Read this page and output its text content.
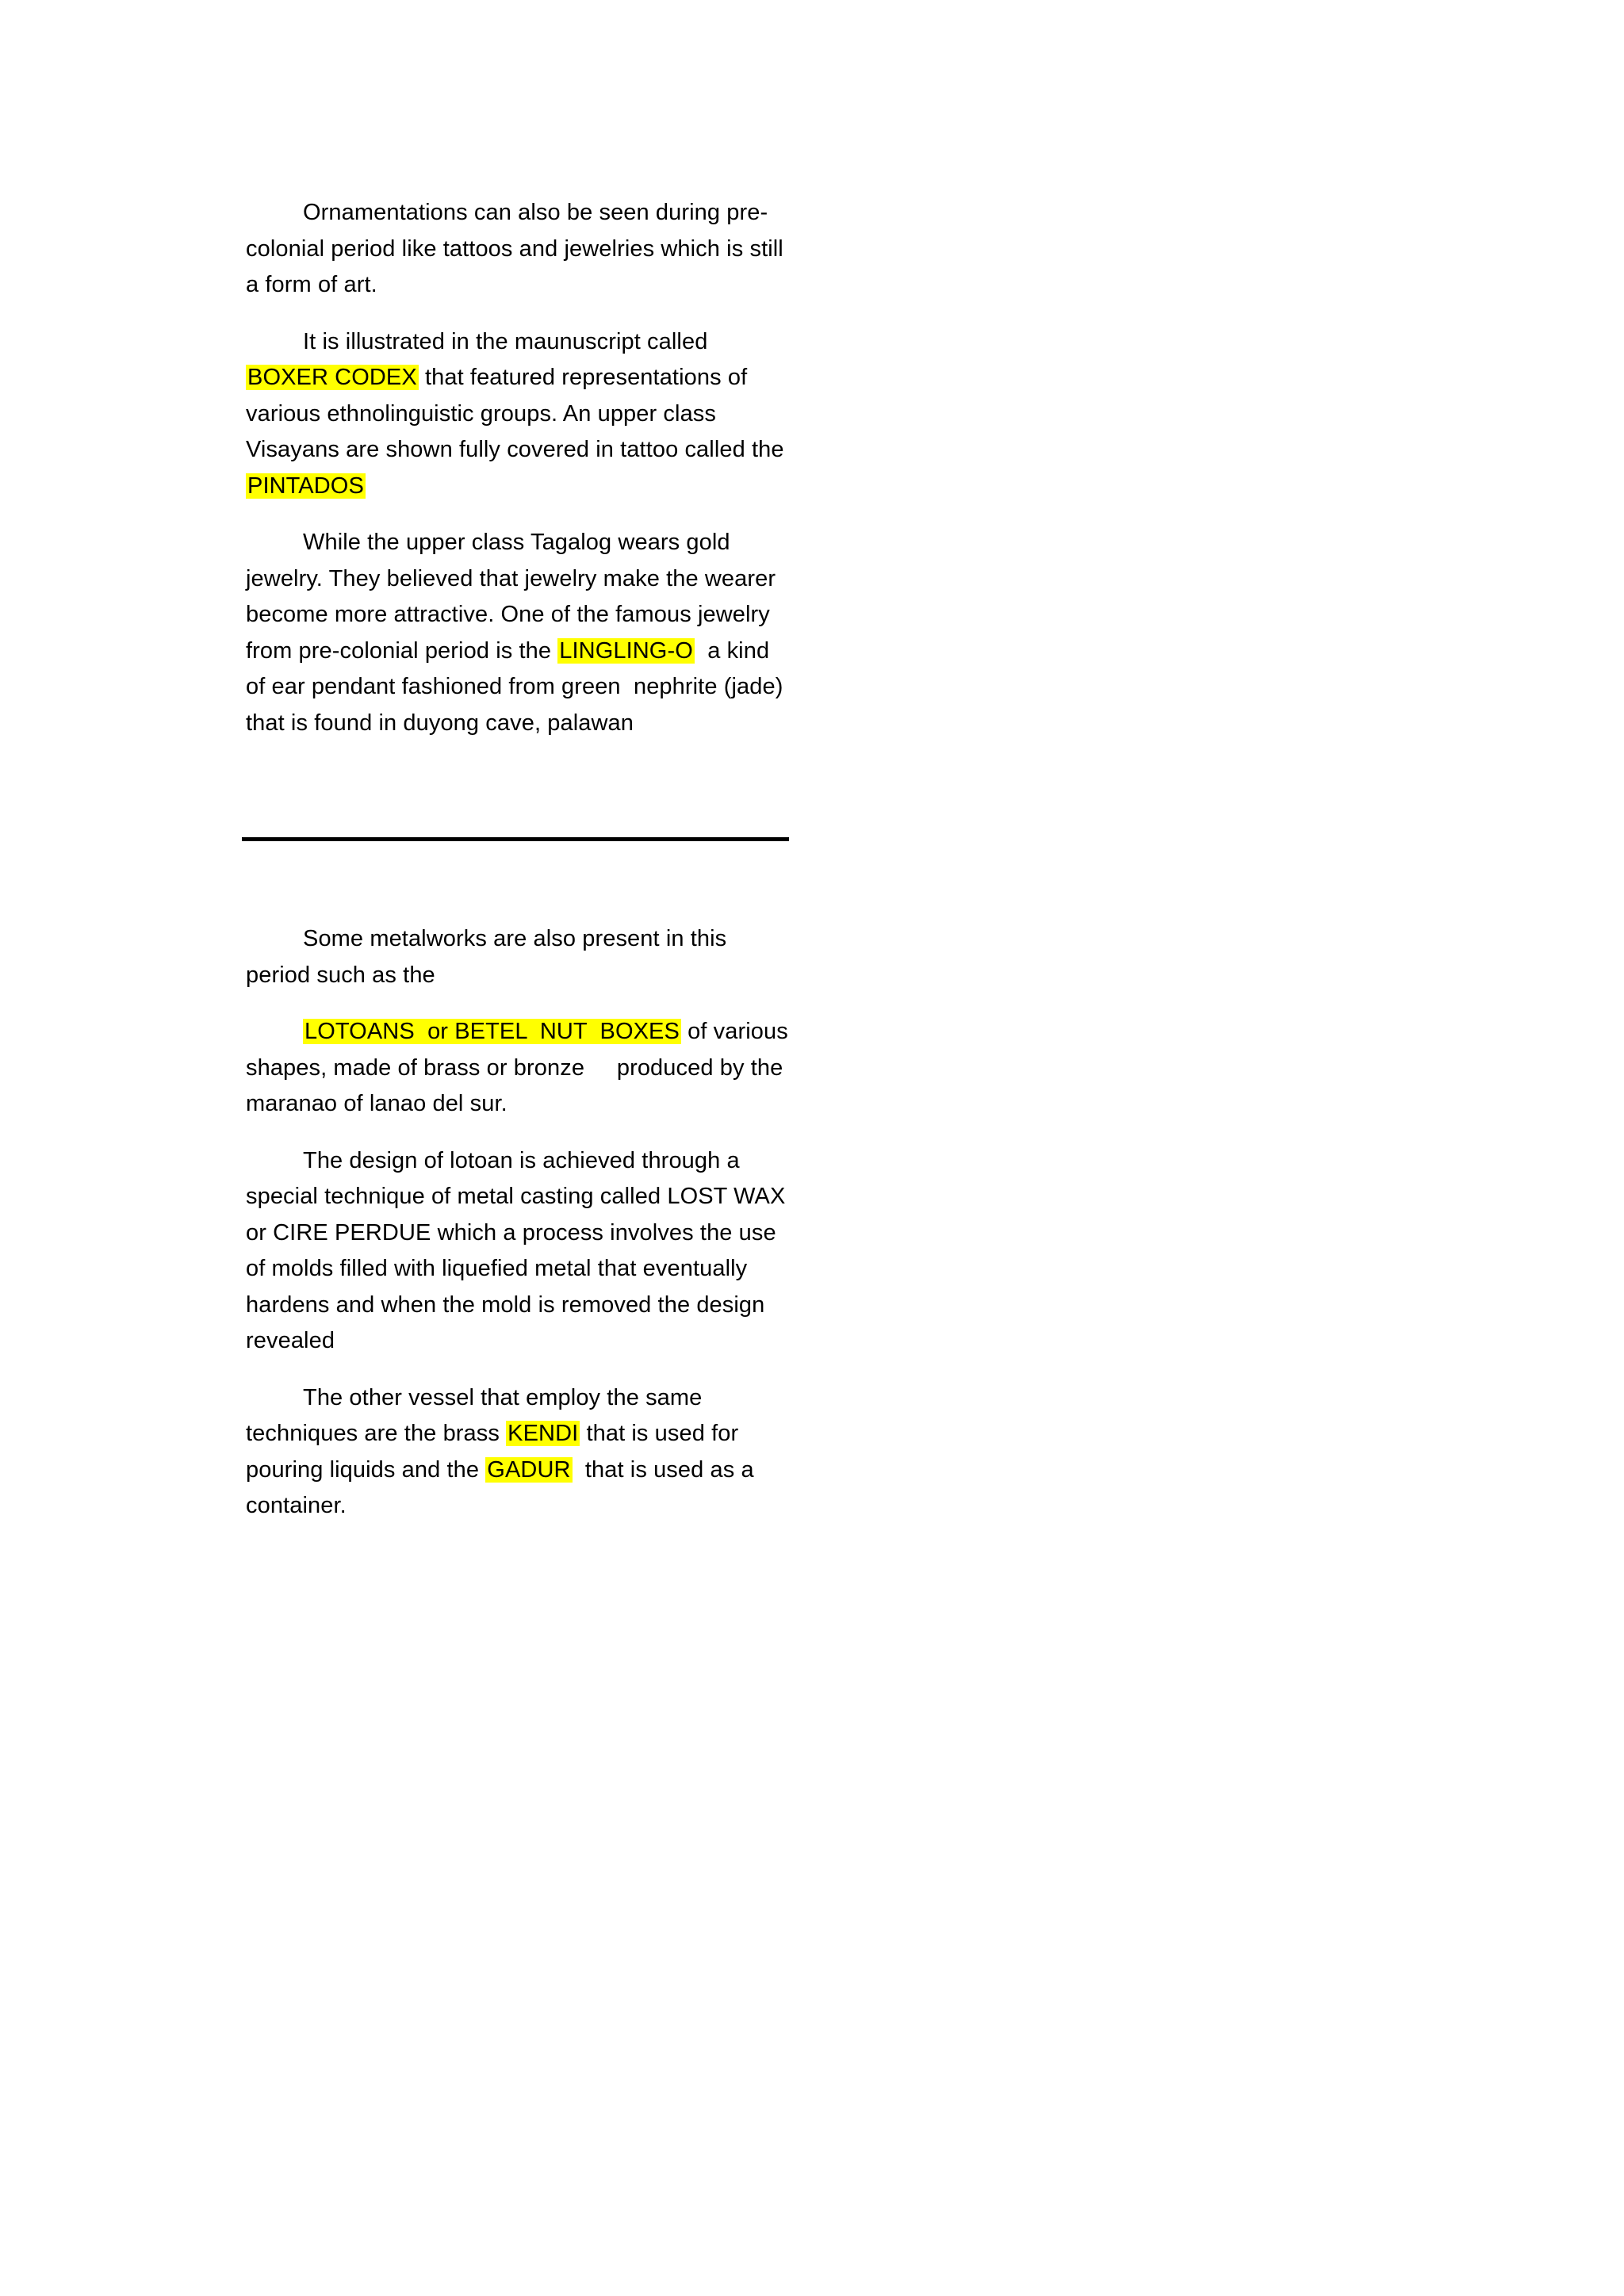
Ornamentations can also be seen during pre-colonial period like tattoos and jewelries which is still a form of art.

It is illustrated in the maunuscript called BOXER CODEX that featured representations of various ethnolinguistic groups. An upper class Visayans are shown fully covered in tattoo called the PINTADOS

While the upper class Tagalog wears gold jewelry. They believed that jewelry make the wearer become more attractive. One of the famous jewelry from pre-colonial period is the LINGLING-O  a kind of ear pendant fashioned from green  nephrite (jade) that is found in duyong cave, palawan

Some metalworks are also present in this period such as the

LOTOANS  or BETEL  NUT  BOXES of various shapes, made of brass or bronze     produced by the maranao of lanao del sur.

The design of lotoan is achieved through a special technique of metal casting called LOST WAX or CIRE PERDUE which a process involves the use of molds filled with liquefied metal that eventually hardens and when the mold is removed the design revealed

The other vessel that employ the same techniques are the brass KENDI that is used for pouring liquids and the GADUR  that is used as a container.
